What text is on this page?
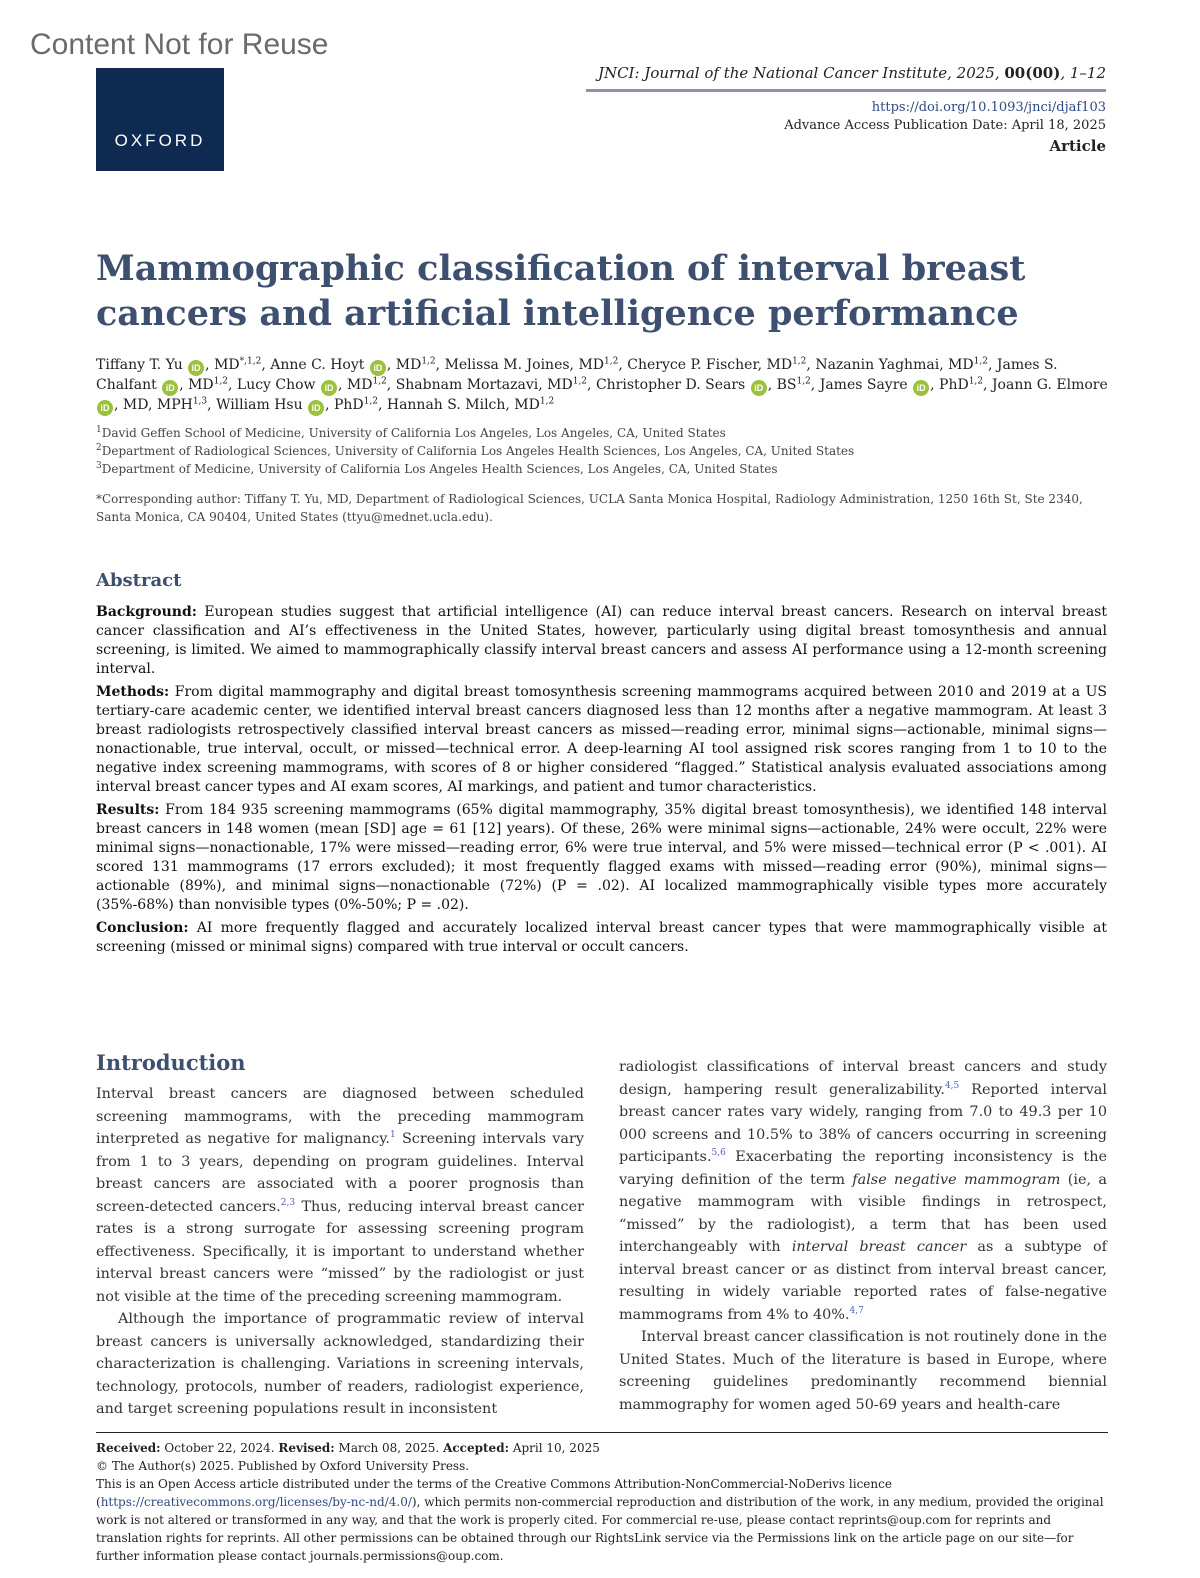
Content Not for Reuse
OXFORD
JNCI: Journal of the National Cancer Institute, 2025, 00(00), 1–12
https://doi.org/10.1093/jnci/djaf103
Advance Access Publication Date: April 18, 2025
Article
Mammographic classification of interval breast cancers and artificial intelligence performance
Tiffany T. Yu iD , $MD^{*,1,2}$, Anne C. Hoyt iD , MD$^{1,2}$, Melissa M. Joines, MD$^{1,2}$, Cheryce P. Fischer, MD$^{1,2}$, Nazanin Yaghmai, MD$^{1,2}$, James S. Chalfant iD , MD$^{1,2}$, Lucy Chow iD , MD$^{1,2}$, Shabnam Mortazavi, MD$^{1,2}$, Christopher D. Sears iD , BS$^{1,2}$, James Sayre iD , PhD$^{1,2}$, Joann G. Elmore iD , MD, MPH$^{1,3}$, William Hsu iD , PhD$^{1,2}$, Hannah S. Milch, MD$^{1,2}$
$^1$David Geffen School of Medicine, University of California Los Angeles, Los Angeles, CA, United States
$^2$Department of Radiological Sciences, University of California Los Angeles Health Sciences, Los Angeles, CA, United States
$^3$Department of Medicine, University of California Los Angeles Health Sciences, Los Angeles, CA, United States
*Corresponding author: Tiffany T. Yu, MD, Department of Radiological Sciences, UCLA Santa Monica Hospital, Radiology Administration, 1250 16th St, Ste 2340, Santa Monica, CA 90404, United States (ttyu@mednet.ucla.edu).
Abstract

Background: European studies suggest that artificial intelligence (AI) can reduce interval breast cancers. Research on interval breast cancer classification and AI’s effectiveness in the United States, however, particularly using digital breast tomosynthesis and annual screening, is limited. We aimed to mammographically classify interval breast cancers and assess AI performance using a 12-month screening interval.

Methods: From digital mammography and digital breast tomosynthesis screening mammograms acquired between 2010 and 2019 at a US tertiary-care academic center, we identified interval breast cancers diagnosed less than 12 months after a negative mammogram. At least 3 breast radiologists retrospectively classified interval breast cancers as missed—reading error, minimal signs—actionable, minimal signs—nonactionable, true interval, occult, or missed—technical error. A deep-learning AI tool assigned risk scores ranging from 1 to 10 to the negative index screening mammograms, with scores of 8 or higher considered “flagged.” Statistical analysis evaluated associations among interval breast cancer types and AI exam scores, AI markings, and patient and tumor characteristics.

Results: From 184 935 screening mammograms (65% digital mammography, 35% digital breast tomosynthesis), we identified 148 interval breast cancers in 148 women (mean [SD] age = 61 [12] years). Of these, 26% were minimal signs—actionable, 24% were occult, 22% were minimal signs—nonactionable, 17% were missed—reading error, 6% were true interval, and 5% were missed—technical error (P < .001). AI scored 131 mammograms (17 errors excluded); it most frequently flagged exams with missed—reading error (90%), minimal signs—actionable (89%), and minimal signs—nonactionable (72%) (P = .02). AI localized mammographically visible types more accurately (35%-68%) than nonvisible types (0%-50%; P = .02).

Conclusion: AI more frequently flagged and accurately localized interval breast cancer types that were mammographically visible at screening (missed or minimal signs) compared with true interval or occult cancers.

Introduction

Interval breast cancers are diagnosed between scheduled screening mammograms, with the preceding mammogram interpreted as negative for malignancy.$^1$ Screening intervals vary from 1 to 3 years, depending on program guidelines. Interval breast cancers are associated with a poorer prognosis than screen-detected cancers.$^{2,3}$ Thus, reducing interval breast cancer rates is a strong surrogate for assessing screening program effectiveness. Specifically, it is important to understand whether interval breast cancers were “missed” by the radiologist or just not visible at the time of the preceding screening mammogram.

Although the importance of programmatic review of interval breast cancers is universally acknowledged, standardizing their characterization is challenging. Variations in screening intervals, technology, protocols, number of readers, radiologist experience, and target screening populations result in inconsistent

radiologist classifications of interval breast cancers and study design, hampering result generalizability.$^{4,5}$ Reported interval breast cancer rates vary widely, ranging from 7.0 to 49.3 per 10 000 screens and 10.5% to 38% of cancers occurring in screening participants.$^{5,6}$ Exacerbating the reporting inconsistency is the varying definition of the term false negative mammogram (ie, a negative mammogram with visible findings in retrospect, “missed” by the radiologist), a term that has been used interchangeably with interval breast cancer as a subtype of interval breast cancer or as distinct from interval breast cancer, resulting in widely variable reported rates of false-negative mammograms from 4% to 40%.$^{4,7}$

Interval breast cancer classification is not routinely done in the United States. Much of the literature is based in Europe, where screening guidelines predominantly recommend biennial mammography for women aged 50-69 years and health-care

Received: October 22, 2024. Revised: March 08, 2025. Accepted: April 10, 2025

© The Author(s) 2025. Published by Oxford University Press.

This is an Open Access article distributed under the terms of the Creative Commons Attribution-NonCommercial-NoDerivs licence (https://creativecommons.org/licenses/by-nc-nd/4.0/), which permits non-commercial reproduction and distribution of the work, in any medium, provided the original work is not altered or transformed in any way, and that the work is properly cited. For commercial re-use, please contact reprints@oup.com for reprints and translation rights for reprints. All other permissions can be obtained through our RightsLink service via the Permissions link on the article page on our site—for further information please contact journals.permissions@oup.com.
